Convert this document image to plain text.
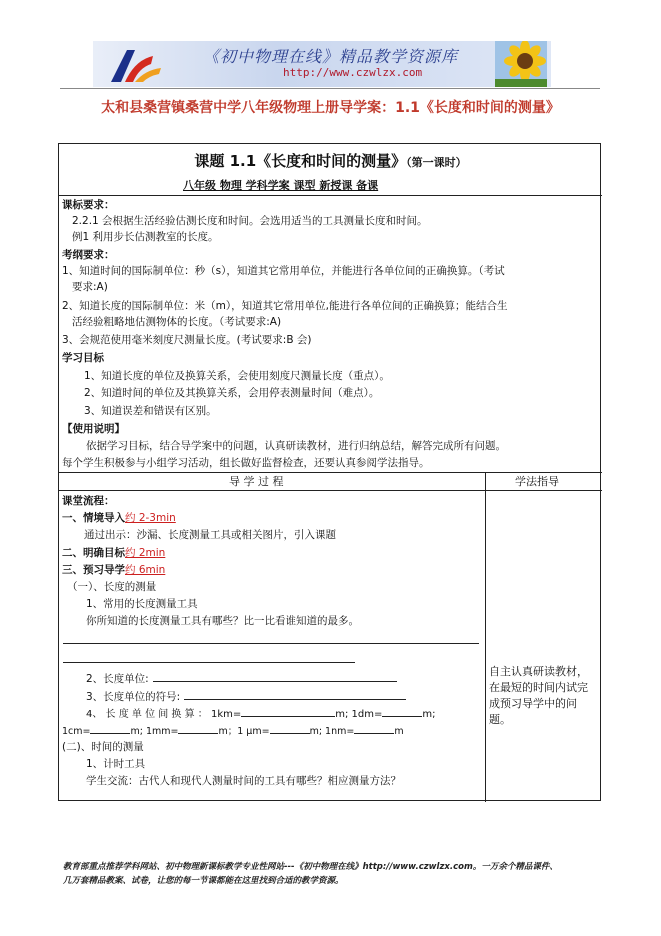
《初中物理在线》精品教学资源库
http://www.czwlzx.com
太和县桑营镇桑营中学八年级物理上册导学案：1.1《长度和时间的测量》
课题 1.1《长度和时间的测量》（第一课时）
八年级 物理 学科学案 课型 新授课 备课
课标要求：
2.2.1 会根据生活经验估测长度和时间。会选用适当的工具测量长度和时间。
例1 利用步长估测教室的长度。
考纲要求：
1、知道时间的国际制单位：秒（s），知道其它常用单位，并能进行各单位间的正确换算。（考试
要求:A)
2、知道长度的国际制单位：米（m），知道其它常用单位,能进行各单位间的正确换算；能结合生
活经验粗略地估测物体的长度。（考试要求:A)
3、会规范使用毫米刻度尺测量长度。(考试要求:B 会)
学习目标
1、知道长度的单位及换算关系，会使用刻度尺测量长度（重点）。
2、知道时间的单位及其换算关系，会用停表测量时间（难点）。
3、知道误差和错误有区别。
【使用说明】
依据学习目标，结合导学案中的问题，认真研读教材，进行归纳总结，解答完成所有问题。
每个学生积极参与小组学习活动，组长做好监督检查，还要认真参阅学法指导。
导 学 过 程	学法指导
课堂流程：
一、情境导入约 2-3min
通过出示：沙漏、长度测量工具或相关图片，引入课题
二、明确目标约 2min
三、预习导学约 6min
（一）、长度的测量
1、常用的长度测量工具
你所知道的长度测量工具有哪些？比一比看谁知道的最多。
2、长度单位:
3、长度单位的符号:
4、 长 度 单 位 间 换 算 ： 1km=	m; 1dm=	m;
1cm=	m; 1mm=	m；1 μm=	m; 1nm=	m
(二)、时间的测量
1、计时工具
学生交流：古代人和现代人测量时间的工具有哪些？相应测量方法？
自主认真研读教材，在最短的时间内试完成预习导学中的问题。
教育部重点推荐学科网站、初中物理新课标教学专业性网站---《初中物理在线》http://www.czwlzx.com。一万余个精品课件、
几万套精品教案、试卷，让您的每一节课都能在这里找到合适的教学资源。
